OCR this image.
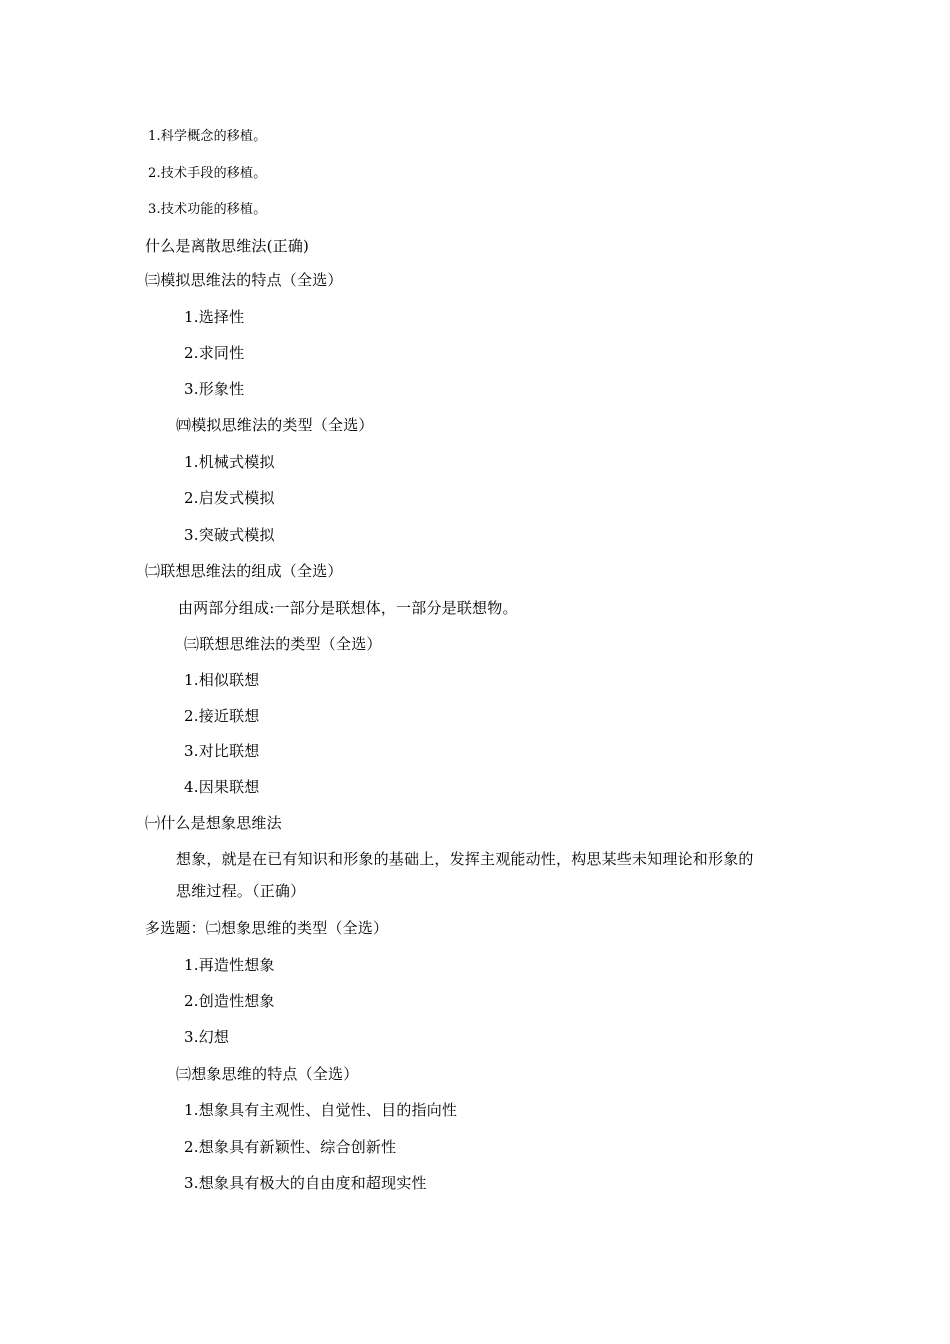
1.科学概念的移植。
2.技术手段的移植。
3.技术功能的移植。
什么是离散思维法(正确)
㈢模拟思维法的特点（全选）
1.选择性
2.求同性
3.形象性
㈣模拟思维法的类型（全选）
1.机械式模拟
2.启发式模拟
3.突破式模拟
㈡联想思维法的组成（全选）
由两部分组成:一部分是联想体，一部分是联想物。
㈢联想思维法的类型（全选）
1.相似联想
2.接近联想
3.对比联想
4.因果联想
㈠什么是想象思维法
想象，就是在已有知识和形象的基础上，发挥主观能动性，构思某些未知理论和形象的
思维过程。（正确）
多选题：㈡想象思维的类型（全选）
1.再造性想象
2.创造性想象
3.幻想
㈢想象思维的特点（全选）
1.想象具有主观性、自觉性、目的指向性
2.想象具有新颖性、综合创新性
3.想象具有极大的自由度和超现实性
